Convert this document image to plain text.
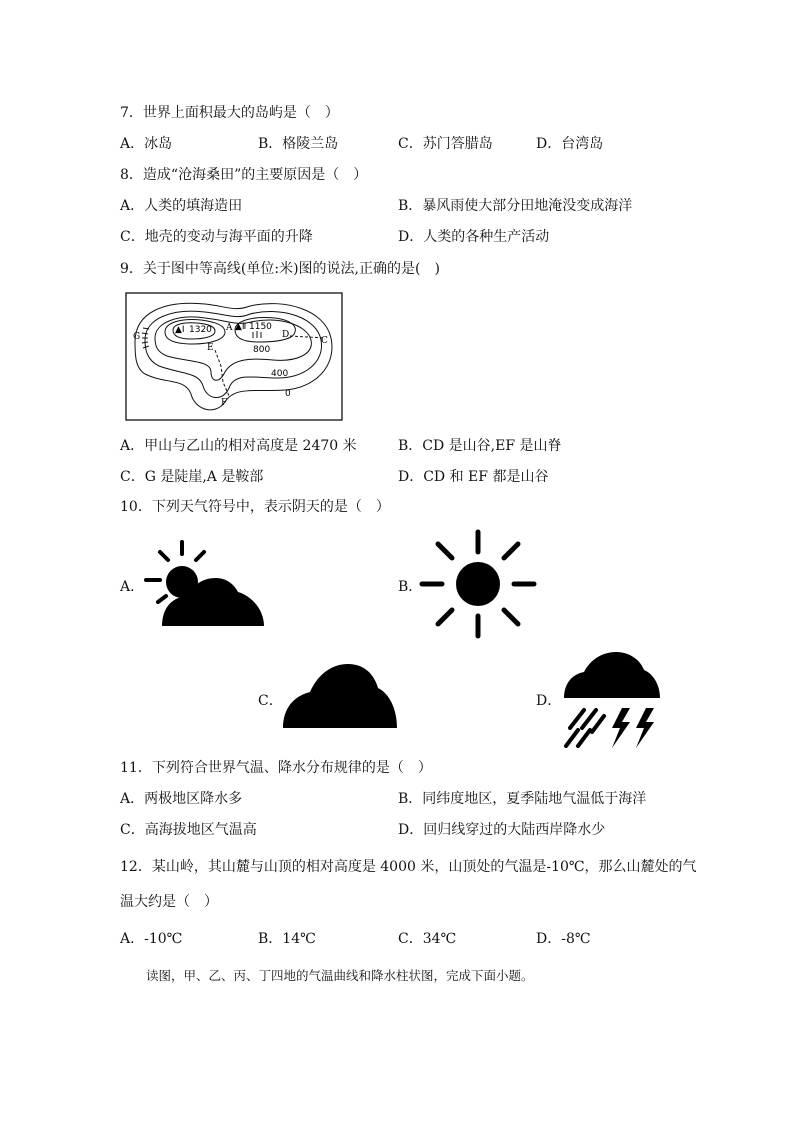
7．世界上面积最大的岛屿是（　）
A．冰岛	B．格陵兰岛	C．苏门答腊岛	D．台湾岛
8．造成“沧海桑田”的主要原因是（　）
A．人类的填海造田	B．暴风雨使大部分田地淹没变成海洋
C．地壳的变动与海平面的升降	D．人类的各种生产活动
9．关于图中等高线(单位:米)图的说法,正确的是(　)
▲Ⅰ 1320	▲Ⅱ 1150
A
C
D
E
F
G
800
400
0
A．甲山与乙山的相对高度是 2470 米	B．CD 是山谷,EF 是山脊
C．G 是陡崖,A 是鞍部	D．CD 和 EF 都是山谷
10．下列天气符号中，表示阴天的是（　）
A．	B．
C．	D．
11．下列符合世界气温、降水分布规律的是（　）
A．两极地区降水多	B．同纬度地区，夏季陆地气温低于海洋
C．高海拔地区气温高	D．回归线穿过的大陆西岸降水少
12．某山岭，其山麓与山顶的相对高度是 4000 米，山顶处的气温是-10℃，那么山麓处的气
温大约是（　）
A．-10℃	B．14℃	C．34℃	D．-8℃
读图，甲、乙、丙、丁四地的气温曲线和降水柱状图，完成下面小题。
